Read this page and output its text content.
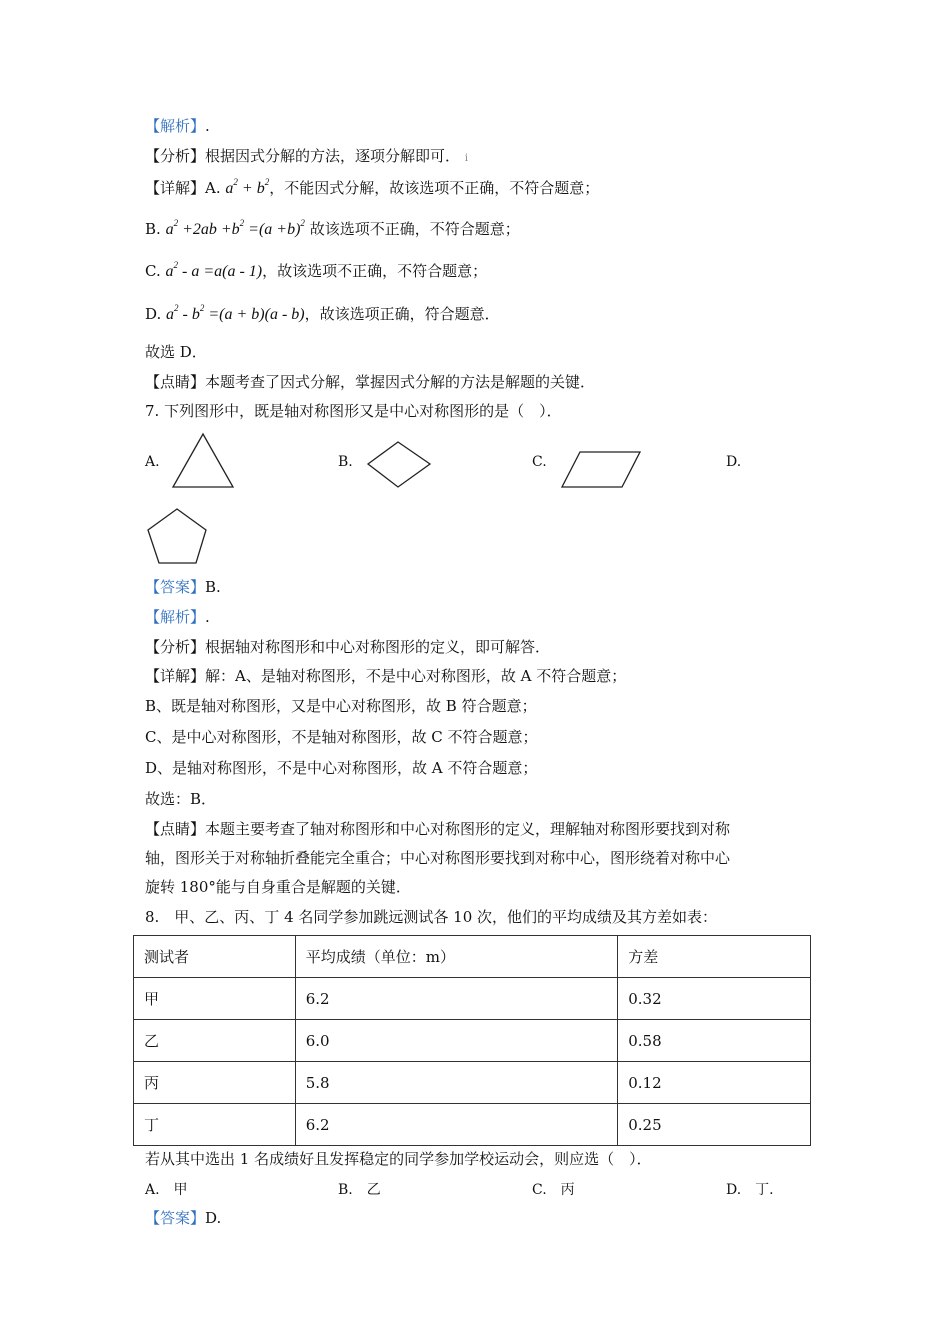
【解析】.
【分析】根据因式分解的方法，逐项分解即可． ⅰ
【详解】A. $a^2 + b^2$，不能因式分解，故该选项不正确，不符合题意；
B. $a^2 +2ab +b^2 =(a +b)^2$ 故该选项不正确，不符合题意；
C. $a^2 - a =a(a - 1)$，故该选项不正确，不符合题意；
D. $a^2 - b^2 =(a + b)(a - b)$，故该选项正确，符合题意．
故选 D．
【点睛】本题考查了因式分解，掌握因式分解的方法是解题的关键．
7. 下列图形中，既是轴对称图形又是中心对称图形的是（　）．
A.	B.	C.	D.
【答案】B.
【解析】.
【分析】根据轴对称图形和中心对称图形的定义，即可解答．
【详解】解：A、是轴对称图形，不是中心对称图形，故 A 不符合题意；
B、既是轴对称图形，又是中心对称图形，故 B 符合题意；
C、是中心对称图形，不是轴对称图形，故 C 不符合题意；
D、是轴对称图形，不是中心对称图形，故 A 不符合题意；
故选：B．
【点睛】本题主要考查了轴对称图形和中心对称图形的定义，理解轴对称图形要找到对称
轴，图形关于对称轴折叠能完全重合；中心对称图形要找到对称中心，图形绕着对称中心
旋转 180°能与自身重合是解题的关键．
8.　甲、乙、丙、丁 4 名同学参加跳远测试各 10 次，他们的平均成绩及其方差如表：
测试者	平均成绩（单位：m）	方差
甲	6.2	0.32
乙	6.0	0.58
丙	5.8	0.12
丁	6.2	0.25
若从其中选出 1 名成绩好且发挥稳定的同学参加学校运动会，则应选（　）．
A.　甲	B.　乙	C.　丙	D.　丁.
【答案】D.
